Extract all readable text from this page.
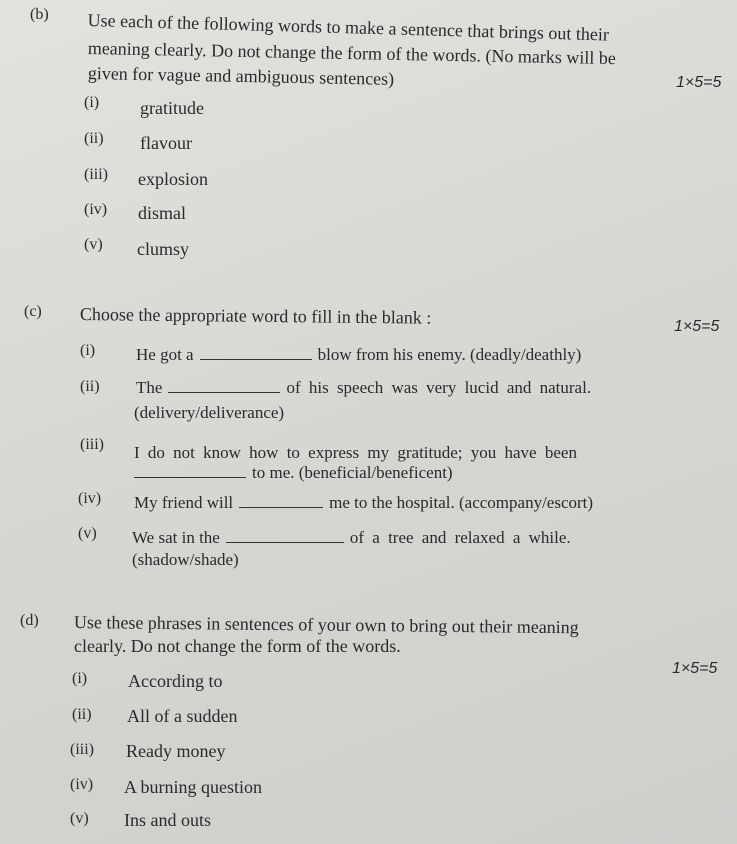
(b) Use each of the following words to make a sentence that brings out their
meaning clearly. Do not change the form of the words. (No marks will be
given for vague and ambiguous sentences)	1×5=5
(i) gratitude
(ii) flavour
(iii) explosion
(iv) dismal
(v) clumsy
(c) Choose the appropriate word to fill in the blank :	1×5=5
(i) He got a	blow from his enemy. (deadly/deathly)
(ii) The	of his speech was very lucid and natural.
(delivery/deliverance)
(iii) I do not know how to express my gratitude; you have been
to me. (beneficial/beneficent)
(iv) My friend will	me to the hospital. (accompany/escort)
(v) We sat in the	of a tree and relaxed a while.
(shadow/shade)
(d) Use these phrases in sentences of your own to bring out their meaning
clearly. Do not change the form of the words.
1×5=5
(i) According to
(ii) All of a sudden
(iii) Ready money
(iv) A burning question
(v) Ins and outs
